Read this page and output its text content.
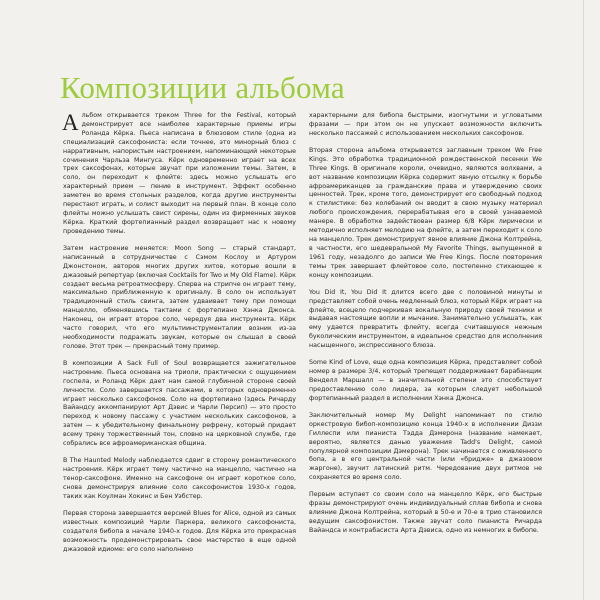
Композиции альбома

Альбом открывается треком Three for the Festival, который демонстрирует все наиболее характерные приемы игры Роланда Кёрка. Пьеса написана в блюзовом стиле (одна из специализаций саксофониста: если точнее, это минорный блюз с нарративным, напористым настроением, напоминающий некоторые сочинения Чарльза Мингуса. Кёрк одновременно играет на всех трех саксофонах, которые звучат при изложении темы. Затем, в соло, он переходит к флейте: здесь можно услышать его характерный прием — пение в инструмент. Эффект особенно заметен во время стольных разделов, когда другие инструменты перестают играть, и солист выходит на первый план. В конце соло флейты можно услышать свист сирены, один из фирменных звуков Кёрка. Краткий фортепианный раздел возвращает нас к новому проведению темы.

Затем настроение меняется: Moon Song — старый стандарт, написанный в сотрудничестве с Сэмом Кослоу и Артуром Джонстоном, авторов многих других хитов, которые вошли в джазовый репертуар (включая Cocktails for Two и My Old Flame). Кёрк создает весьма ретроатмосферу. Сперва на стрипче он играет тему, максимально приближенную к оригиналу. В соло он использует традиционный стиль свинга, затем удваивает тему при помощи манцелло, обменявшись тактами с фортепиано Хэнка Джонса. Наконец, он играет второе соло, чередуя два инструмента. Кёрк часто говорил, что его мультиинструменталии возник из-за необходимости подражать звукам, которые он слышал в своей голове. Этот трек — прекрасный тому пример.

В композиции A Sack Full of Soul возвращается зажигательное настроение. Пьеса основана на триоли, практически с ощущением госпела, и Роланд Кёрк дает нам самой глубинной стороне своей личности. Соло завершается пассажами, в которых одновременно играет несколько саксофонов. Соло на фортепиано (здесь Ричарду Вайандсу аккомпанируют Арт Дэвис и Чарли Персип) — это просто переход к новому пассажу с участием нескольких саксофонов, а затем — к убедительному финальному рефрену, который придает всему треку торжественный тон, словно на церковной службе, где собрались все афроамериканская община.

В The Haunted Melody наблюдается сдвиг в сторону романтического настроения. Кёрк играет тему частично на манцелло, частично на тенор-саксофоне. Именно на саксофоне он играет короткое соло, снова демонстрируя влияние соло саксофонистов 1930-х годов, таких как Коулман Хокинс и Бен Уэбстер.

Первая сторона завершается версией Blues for Alice, одной из самых известных композиций Чарли Паркера, великого саксофониста, создателя бибопа в начале 1940-х годов. Для Кёрка это прекрасная возможность продемонстрировать свое мастерство в еще одной джазовой идиоме: его соло наполнено

характерными для бибопа быстрыми, изогнутыми и угловатыми фразами — при этом он не упускает возможности включить несколько пассажей с использованием нескольких саксофонов.

Вторая сторона альбома открывается заглавным треком We Free Kings. Это обработка традиционной рождественской песенки We Three Kings. В оригинале короли, очевидно, являются волхвами, а вот название композиции Кёрка содержит явную отсылку к борьбе афроамериканцев за гражданские права и утверждению своих ценностей. Трек, кроме того, демонстрирует его свободный подход к стилистике: без колебаний он вводит в свою музыку материал любого происхождения, перерабатывая его в своей узнаваемой манере. В обработке задействован размер 6/8 Кёрк лирически и методично исполняет мелодию на флейте, а затем переходит к соло на манцелло. Трек демонстрирует явное влияние Джона Колтрейна, в частности, его шедевральной My Favorite Things, выпущенной в 1961 году, незадолго до записи We Free Kings. После повторения темы трек завершает флейтовое соло, постепенно стихающее к концу композиции.

You Did It, You Did It длится всего две с половиной минуты и представляет собой очень медленный блюз, который Кёрк играет на флейте, всецело подчеркивая вокальную природу своей техники и выдавая настоящие вопли и мычание. Занимательно услышать, как ему удается превратить флейту, всегда считавшуюся нежным буколическим инструментом, в идеальное средство для исполнения насыщенного, экспрессивного блюза.

Some Kind of Love, еще одна композиция Кёрка, представляет собой номер в размере 3/4, который трепещет поддерживает барабанщик Венделл Маршалл — в значительной степени это способствует предоставлению соло лидера, за которым следует небольшой фортепианный раздел в исполнении Хэнка Джонса.

Заключительный номер My Delight напоминает по стилю оркестровую бибоп-композицию конца 1940-х в исполнении Диззи Гиллеспи или пианиста Тэдда Дэмерона (название намекает, вероятно, является данью уважения Tadd's Delight, самой популярной композиции Дэмерона). Трек начинается с оживленного бопа, а в его центральной части (или «бридже» в джазовом жаргоне), звучит латинский ритм. Чередование двух ритмов не сохраняется во время соло.

Первым вступает со своим соло на манцелло Кёрк, его быстрые фразы демонстрируют очень индивидуальный сплав бибопа и снова влияние Джона Колтрейна, который в 50-е и 70-е в трио становился ведущим саксофонистом. Также звучат соло пианиста Ричарда Вайандса и контрабасиста Арта Дэвиса, одно из немногих в бибопе.
